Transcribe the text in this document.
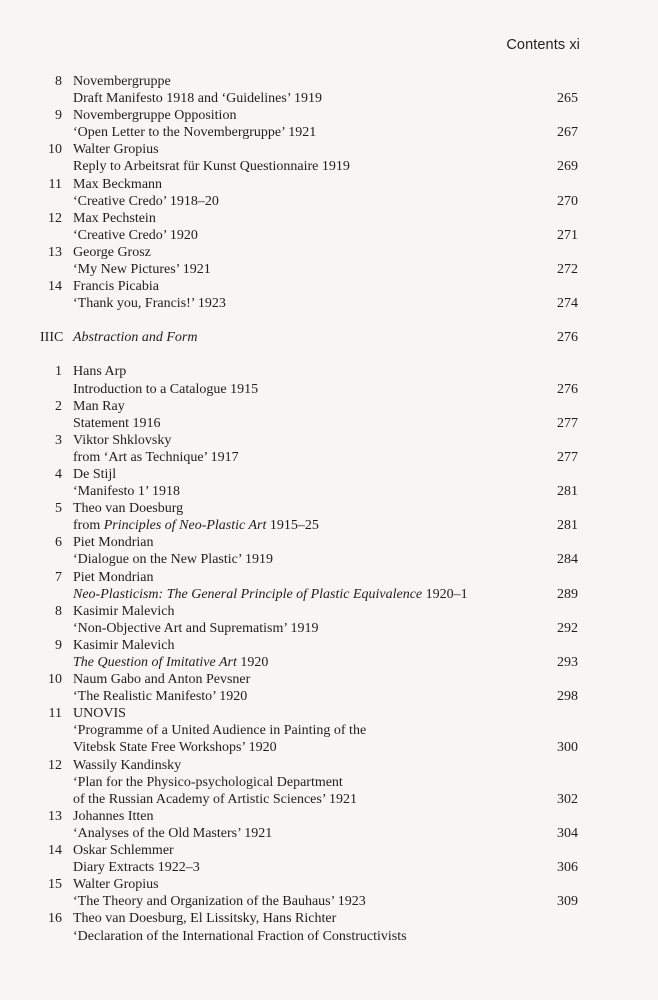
Contents xi
8 Novembergruppe
Draft Manifesto 1918 and ‘Guidelines’ 1919	265
9 Novembergruppe Opposition
‘Open Letter to the Novembergruppe’ 1921	267
10 Walter Gropius
Reply to Arbeitsrat für Kunst Questionnaire 1919	269
11 Max Beckmann
‘Creative Credo’ 1918–20	270
12 Max Pechstein
‘Creative Credo’ 1920	271
13 George Grosz
‘My New Pictures’ 1921	272
14 Francis Picabia
‘Thank you, Francis!’ 1923	274
IIIC Abstraction and Form	276
1 Hans Arp
Introduction to a Catalogue 1915	276
2 Man Ray
Statement 1916	277
3 Viktor Shklovsky
from ‘Art as Technique’ 1917	277
4 De Stijl
‘Manifesto 1’ 1918	281
5 Theo van Doesburg
from Principles of Neo-Plastic Art 1915–25	281
6 Piet Mondrian
‘Dialogue on the New Plastic’ 1919	284
7 Piet Mondrian
Neo-Plasticism: The General Principle of Plastic Equivalence 1920–1	289
8 Kasimir Malevich
‘Non-Objective Art and Suprematism’ 1919	292
9 Kasimir Malevich
The Question of Imitative Art 1920	293
10 Naum Gabo and Anton Pevsner
‘The Realistic Manifesto’ 1920	298
11 UNOVIS
‘Programme of a United Audience in Painting of the
Vitebsk State Free Workshops’ 1920	300
12 Wassily Kandinsky
‘Plan for the Physico-psychological Department
of the Russian Academy of Artistic Sciences’ 1921	302
13 Johannes Itten
‘Analyses of the Old Masters’ 1921	304
14 Oskar Schlemmer
Diary Extracts 1922–3	306
15 Walter Gropius
‘The Theory and Organization of the Bauhaus’ 1923	309
16 Theo van Doesburg, El Lissitsky, Hans Richter
‘Declaration of the International Fraction of Constructivists
